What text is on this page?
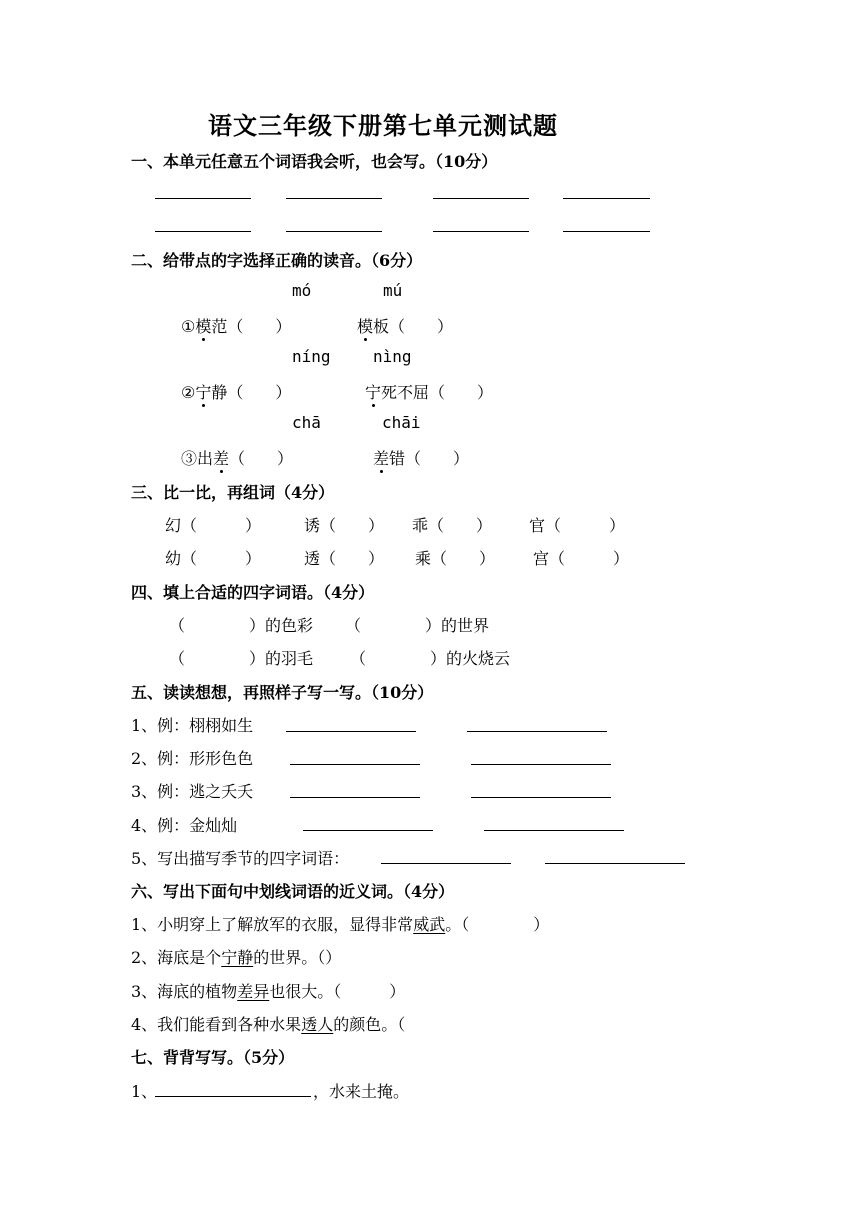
语文三年级下册第七单元测试题
一、本单元任意五个词语我会听，也会写。（10分）
二、给带点的字选择正确的读音。（6分）
mó	mú
①模范（　　）	模板（　　）
níng	nìng
②宁静（　　）	宁死不屈（　　）
chā	chāi
③出差（　　）	差错（　　）
三、比一比，再组词（4分）
幻（　　　）	诱（　　） 乖（　　） 官（　　　）
幼（　　　）	透（　　） 乘（　　） 宫（　　　）
四、填上合适的四字词语。（4分）
（　　　　）的色彩 （　　　　）的世界
（　　　　）的羽毛 （　　　　）的火烧云
五、读读想想，再照样子写一写。（10分）
1、例：栩栩如生
2、例：形形色色
3、例：逃之夭夭
4、例：金灿灿
5、写出描写季节的四字词语：
六、写出下面句中划线词语的近义词。（4分）
1、小明穿上了解放军的衣服，显得非常威武。（　　　　）
2、海底是个宁静的世界。（）
3、海底的植物差异也很大。（　　　）
4、我们能看到各种水果透人的颜色。（
七、背背写写。（5分）
1、	，水来土掩。
